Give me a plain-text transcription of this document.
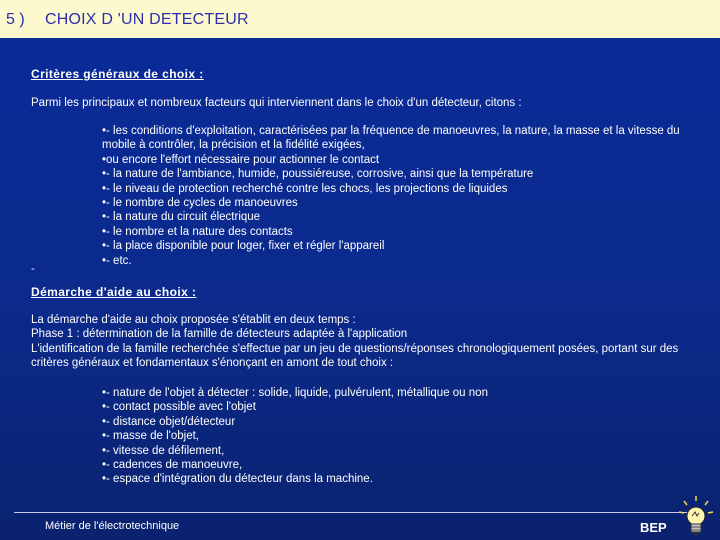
5 ) CHOIX D 'UN DETECTEUR
Critères généraux de choix :
Parmi les principaux et nombreux facteurs qui interviennent dans le choix d'un détecteur, citons :
•- les conditions d'exploitation, caractérisées par la fréquence de manoeuvres, la nature, la masse et la vitesse du mobile à contrôler, la précision et la fidélité exigées,
•ou encore l'effort nécessaire pour actionner le contact
•- la nature de l'ambiance, humide, poussiéreuse, corrosive, ainsi que la température
•- le niveau de protection recherché contre les chocs, les projections de liquides
•- le nombre de cycles de manoeuvres
•- la nature du circuit électrique
•- le nombre et la nature des contacts
•- la place disponible pour loger, fixer et régler l'appareil
•- etc.
-
Démarche d'aide au choix :
La démarche d'aide au choix proposée s'établit en deux temps :
Phase 1 : détermination de la famille de détecteurs adaptée à l'application
L'identification de la famille recherchée s'effectue par un jeu de questions/réponses chronologiquement posées, portant sur des critères généraux et fondamentaux s'énonçant en amont de tout choix :
•- nature de l'objet à détecter : solide, liquide, pulvérulent, métallique ou non
•- contact possible avec l'objet
•- distance objet/détecteur
•- masse de l'objet,
•- vitesse de défilement,
•- cadences de manoeuvre,
•- espace d'intégration du détecteur dans la machine.
Métier de l'électrotechnique	BEP
